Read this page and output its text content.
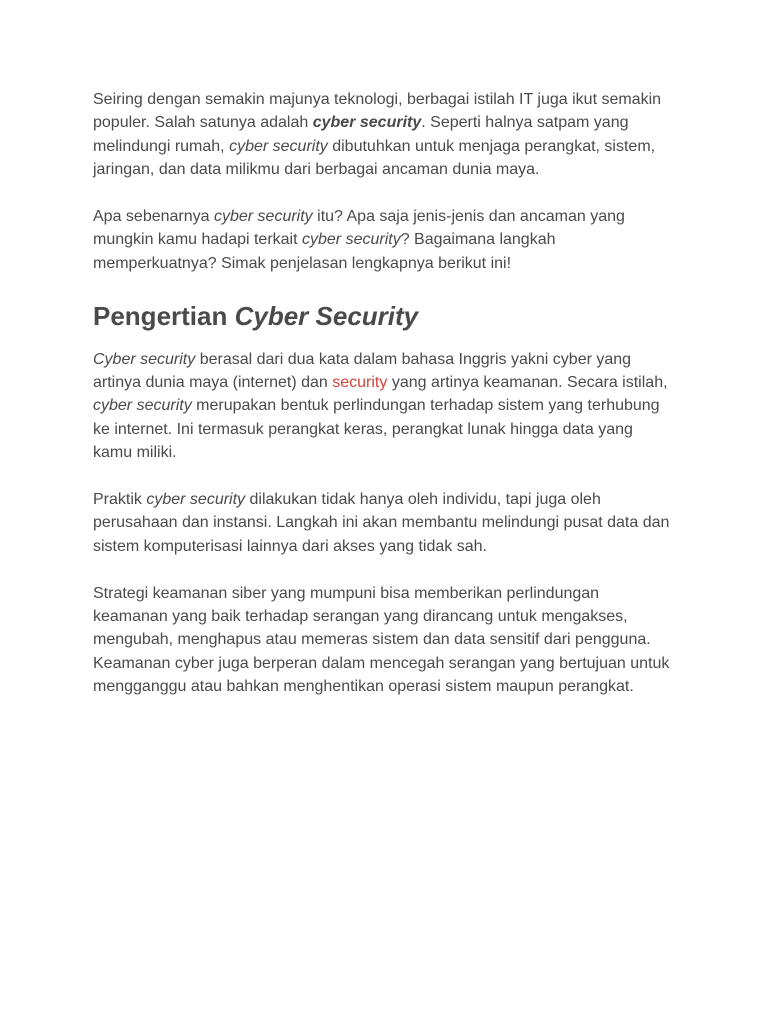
Seiring dengan semakin majunya teknologi, berbagai istilah IT juga ikut semakin populer. Salah satunya adalah cyber security. Seperti halnya satpam yang melindungi rumah, cyber security dibutuhkan untuk menjaga perangkat, sistem, jaringan, dan data milikmu dari berbagai ancaman dunia maya.

Apa sebenarnya cyber security itu? Apa saja jenis-jenis dan ancaman yang mungkin kamu hadapi terkait cyber security? Bagaimana langkah memperkuatnya? Simak penjelasan lengkapnya berikut ini!

Pengertian Cyber Security

Cyber security berasal dari dua kata dalam bahasa Inggris yakni cyber yang artinya dunia maya (internet) dan security yang artinya keamanan. Secara istilah, cyber security merupakan bentuk perlindungan terhadap sistem yang terhubung ke internet. Ini termasuk perangkat keras, perangkat lunak hingga data yang kamu miliki.

Praktik cyber security dilakukan tidak hanya oleh individu, tapi juga oleh perusahaan dan instansi. Langkah ini akan membantu melindungi pusat data dan sistem komputerisasi lainnya dari akses yang tidak sah.

Strategi keamanan siber yang mumpuni bisa memberikan perlindungan keamanan yang baik terhadap serangan yang dirancang untuk mengakses, mengubah, menghapus atau memeras sistem dan data sensitif dari pengguna. Keamanan cyber juga berperan dalam mencegah serangan yang bertujuan untuk mengganggu atau bahkan menghentikan operasi sistem maupun perangkat.
